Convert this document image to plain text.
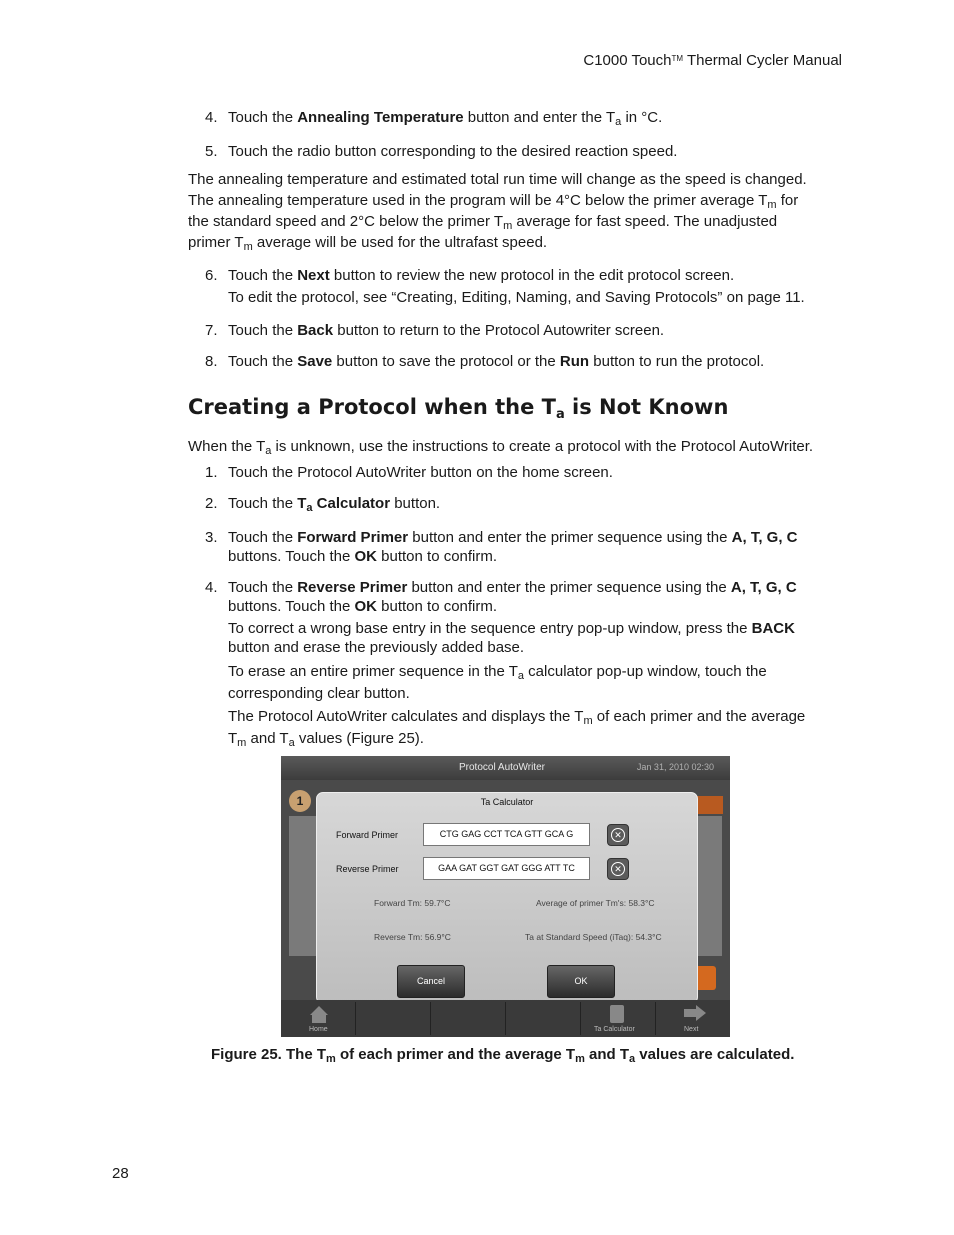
C1000 Touch™ Thermal Cycler Manual
4. Touch the Annealing Temperature button and enter the $T_a$ in °C.
5. Touch the radio button corresponding to the desired reaction speed.
The annealing temperature and estimated total run time will change as the speed is changed.
The annealing temperature used in the program will be 4°C below the primer average $T_m$ for
the standard speed and 2°C below the primer $T_m$ average for fast speed. The unadjusted
primer $T_m$ average will be used for the ultrafast speed.
6. Touch the Next button to review the new protocol in the edit protocol screen.
To edit the protocol, see “Creating, Editing, Naming, and Saving Protocols” on page 11.
7. Touch the Back button to return to the Protocol Autowriter screen.
8. Touch the Save button to save the protocol or the Run button to run the protocol.
Creating a Protocol when the $T_a$ is Not Known
When the $T_a$ is unknown, use the instructions to create a protocol with the Protocol AutoWriter.
1. Touch the Protocol AutoWriter button on the home screen.
2. Touch the $T_a$ Calculator button.
3. Touch the Forward Primer button and enter the primer sequence using the A, T, G, C
buttons. Touch the OK button to confirm.
4. Touch the Reverse Primer button and enter the primer sequence using the A, T, G, C
buttons. Touch the OK button to confirm.
To correct a wrong base entry in the sequence entry pop-up window, press the BACK
button and erase the previously added base.
To erase an entire primer sequence in the $T_a$ calculator pop-up window, touch the
corresponding clear button.
The Protocol AutoWriter calculates and displays the $T_m$ of each primer and the average
$T_m$ and $T_a$ values (Figure 25).
Protocol AutoWriter	Jan 31, 2010 02:30
1	Ta Calculator
Forward Primer	CTG GAG CCT TCA GTT GCA G	✕
Reverse Primer	GAA GAT GGT GAT GGG ATT TC	✕
Forward Tm: 59.7°C	Average of primer Tm's: 58.3°C
Reverse Tm: 56.9°C	Ta at Standard Speed (iTaq): 54.3°C
Cancel	OK
Home	Ta Calculator	Next
Figure 25. The $T_m$ of each primer and the average $T_m$ and $T_a$ values are calculated.
28
